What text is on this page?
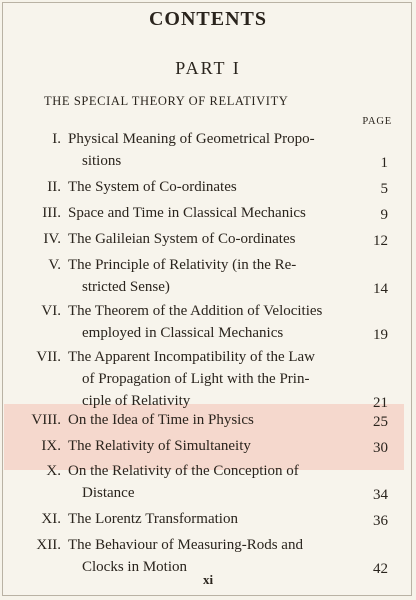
CONTENTS
PART I
THE SPECIAL THEORY OF RELATIVITY
PAGE
I. Physical Meaning of Geometrical Propo-
sitions	1
II. The System of Co-ordinates	5
III. Space and Time in Classical Mechanics	9
IV. The Galileian System of Co-ordinates	12
V. The Principle of Relativity (in the Re-
stricted Sense)	14
VI. The Theorem of the Addition of Velocities
employed in Classical Mechanics	19
VII. The Apparent Incompatibility of the Law
of Propagation of Light with the Prin-
ciple of Relativity	21
VIII. On the Idea of Time in Physics	25
IX. The Relativity of Simultaneity	30
X. On the Relativity of the Conception of
Distance	34
XI. The Lorentz Transformation	36
XII. The Behaviour of Measuring-Rods and
Clocks in Motion	42
xi
